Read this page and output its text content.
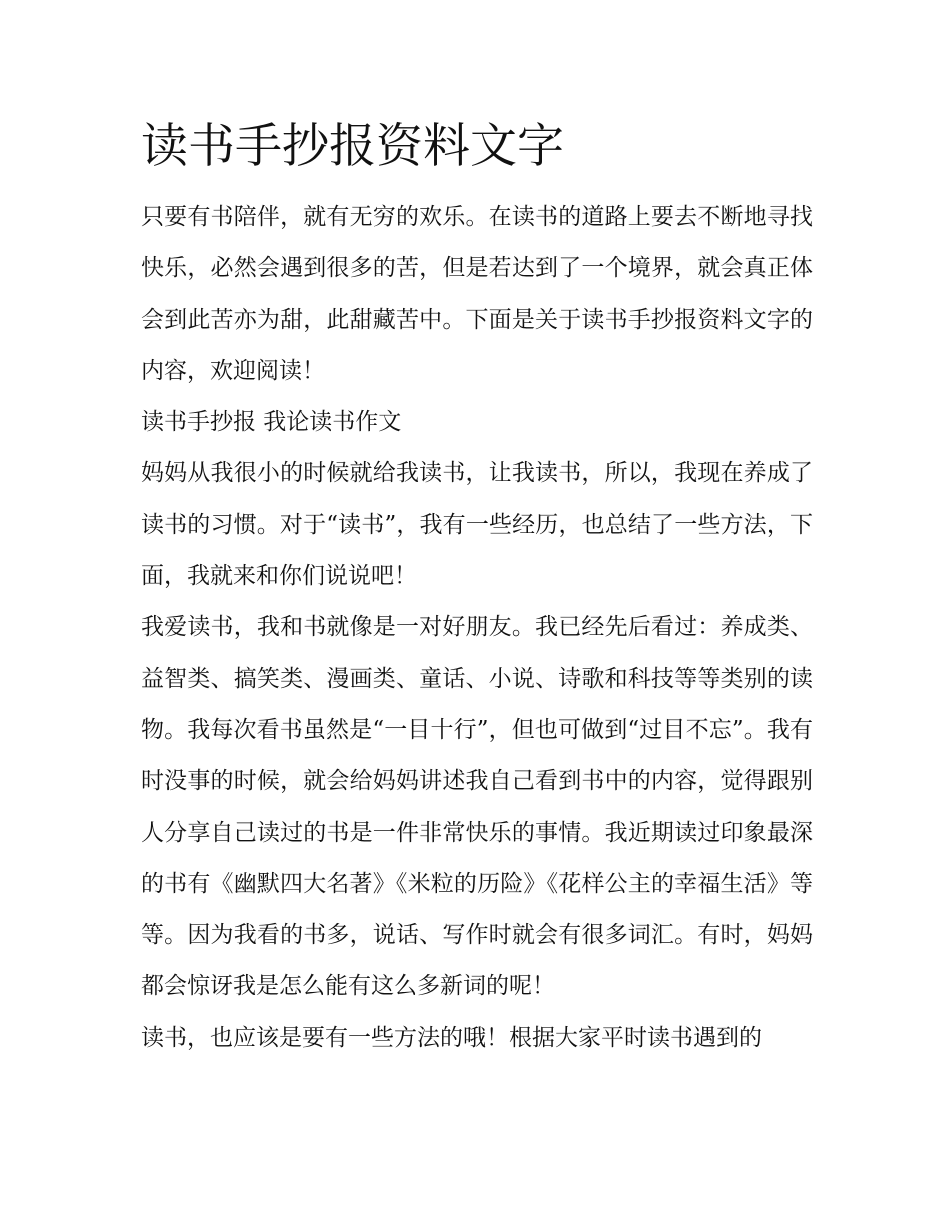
读书手抄报资料文字

只要有书陪伴，就有无穷的欢乐。在读书的道路上要去不断地寻找快乐，必然会遇到很多的苦，但是若达到了一个境界，就会真正体会到此苦亦为甜，此甜藏苦中。下面是关于读书手抄报资料文字的内容，欢迎阅读！

读书手抄报 我论读书作文

妈妈从我很小的时候就给我读书，让我读书，所以，我现在养成了读书的习惯。对于“读书”，我有一些经历，也总结了一些方法，下面，我就来和你们说说吧！

我爱读书，我和书就像是一对好朋友。我已经先后看过：养成类、益智类、搞笑类、漫画类、童话、小说、诗歌和科技等等类别的读物。我每次看书虽然是“一目十行”，但也可做到“过目不忘”。我有时没事的时候，就会给妈妈讲述我自己看到书中的内容，觉得跟别人分享自己读过的书是一件非常快乐的事情。我近期读过印象最深的书有《幽默四大名著》《米粒的历险》《花样公主的幸福生活》等等。因为我看的书多，说话、写作时就会有很多词汇。有时，妈妈都会惊讶我是怎么能有这么多新词的呢！

读书，也应该是要有一些方法的哦！根据大家平时读书遇到的
